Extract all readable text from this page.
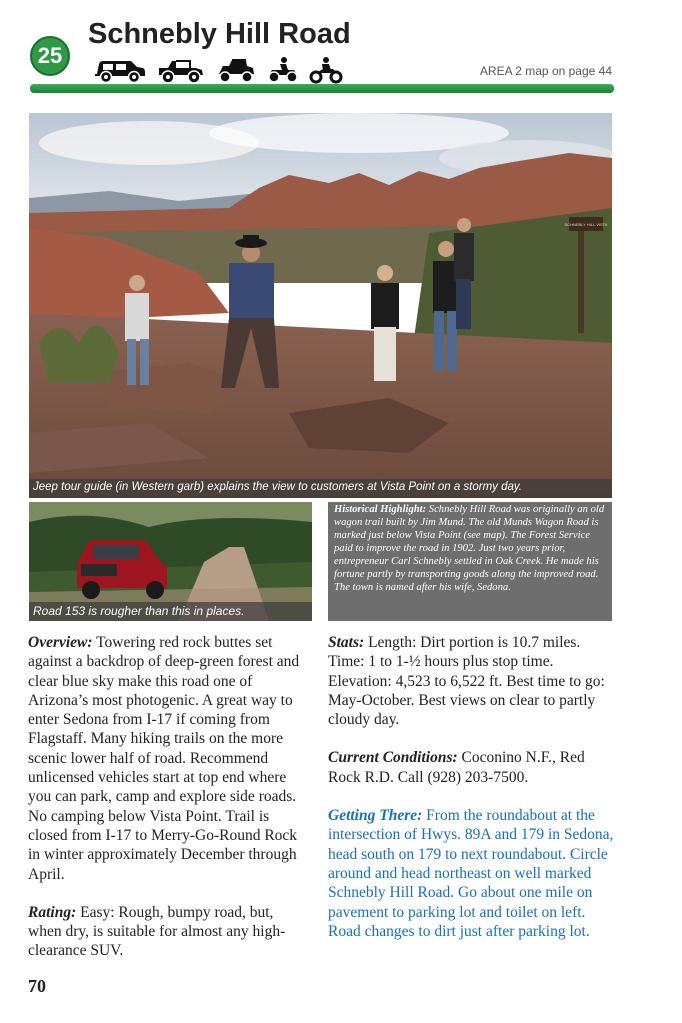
25
Schnebly Hill Road
AREA 2 map on page 44
SCHNEBLY HILL VISTA
Jeep tour guide (in Western garb) explains the view to customers at Vista Point on a stormy day.
Road 153 is rougher than this in places.
Historical Highlight: Schnebly Hill Road was originally an old wagon trail built by Jim Mund. The old Munds Wagon Road is marked just below Vista Point (see map). The Forest Service paid to improve the road in 1902. Just two years prior, entrepreneur Carl Schnebly settled in Oak Creek. He made his fortune partly by transporting goods along the improved road. The town is named after his wife, Sedona.

Overview: Towering red rock buttes set against a backdrop of deep-green forest and clear blue sky make this road one of Arizona’s most photogenic. A great way to enter Sedona from I-17 if coming from Flagstaff. Many hiking trails on the more scenic lower half of road. Recommend unlicensed vehicles start at top end where you can park, camp and explore side roads. No camping below Vista Point. Trail is closed from I-17 to Merry-Go-Round Rock in winter approximately December through April.

Rating: Easy: Rough, bumpy road, but, when dry, is suitable for almost any high-clearance SUV.

Stats: Length: Dirt portion is 10.7 miles. Time: 1 to 1-½ hours plus stop time. Elevation: 4,523 to 6,522 ft. Best time to go: May-October. Best views on clear to partly cloudy day.

Current Conditions: Coconino N.F., Red Rock R.D. Call (928) 203-7500.

Getting There: From the roundabout at the intersection of Hwys. 89A and 179 in Sedona, head south on 179 to next roundabout. Circle around and head northeast on well marked Schnebly Hill Road. Go about one mile on pavement to parking lot and toilet on left. Road changes to dirt just after parking lot.

70
